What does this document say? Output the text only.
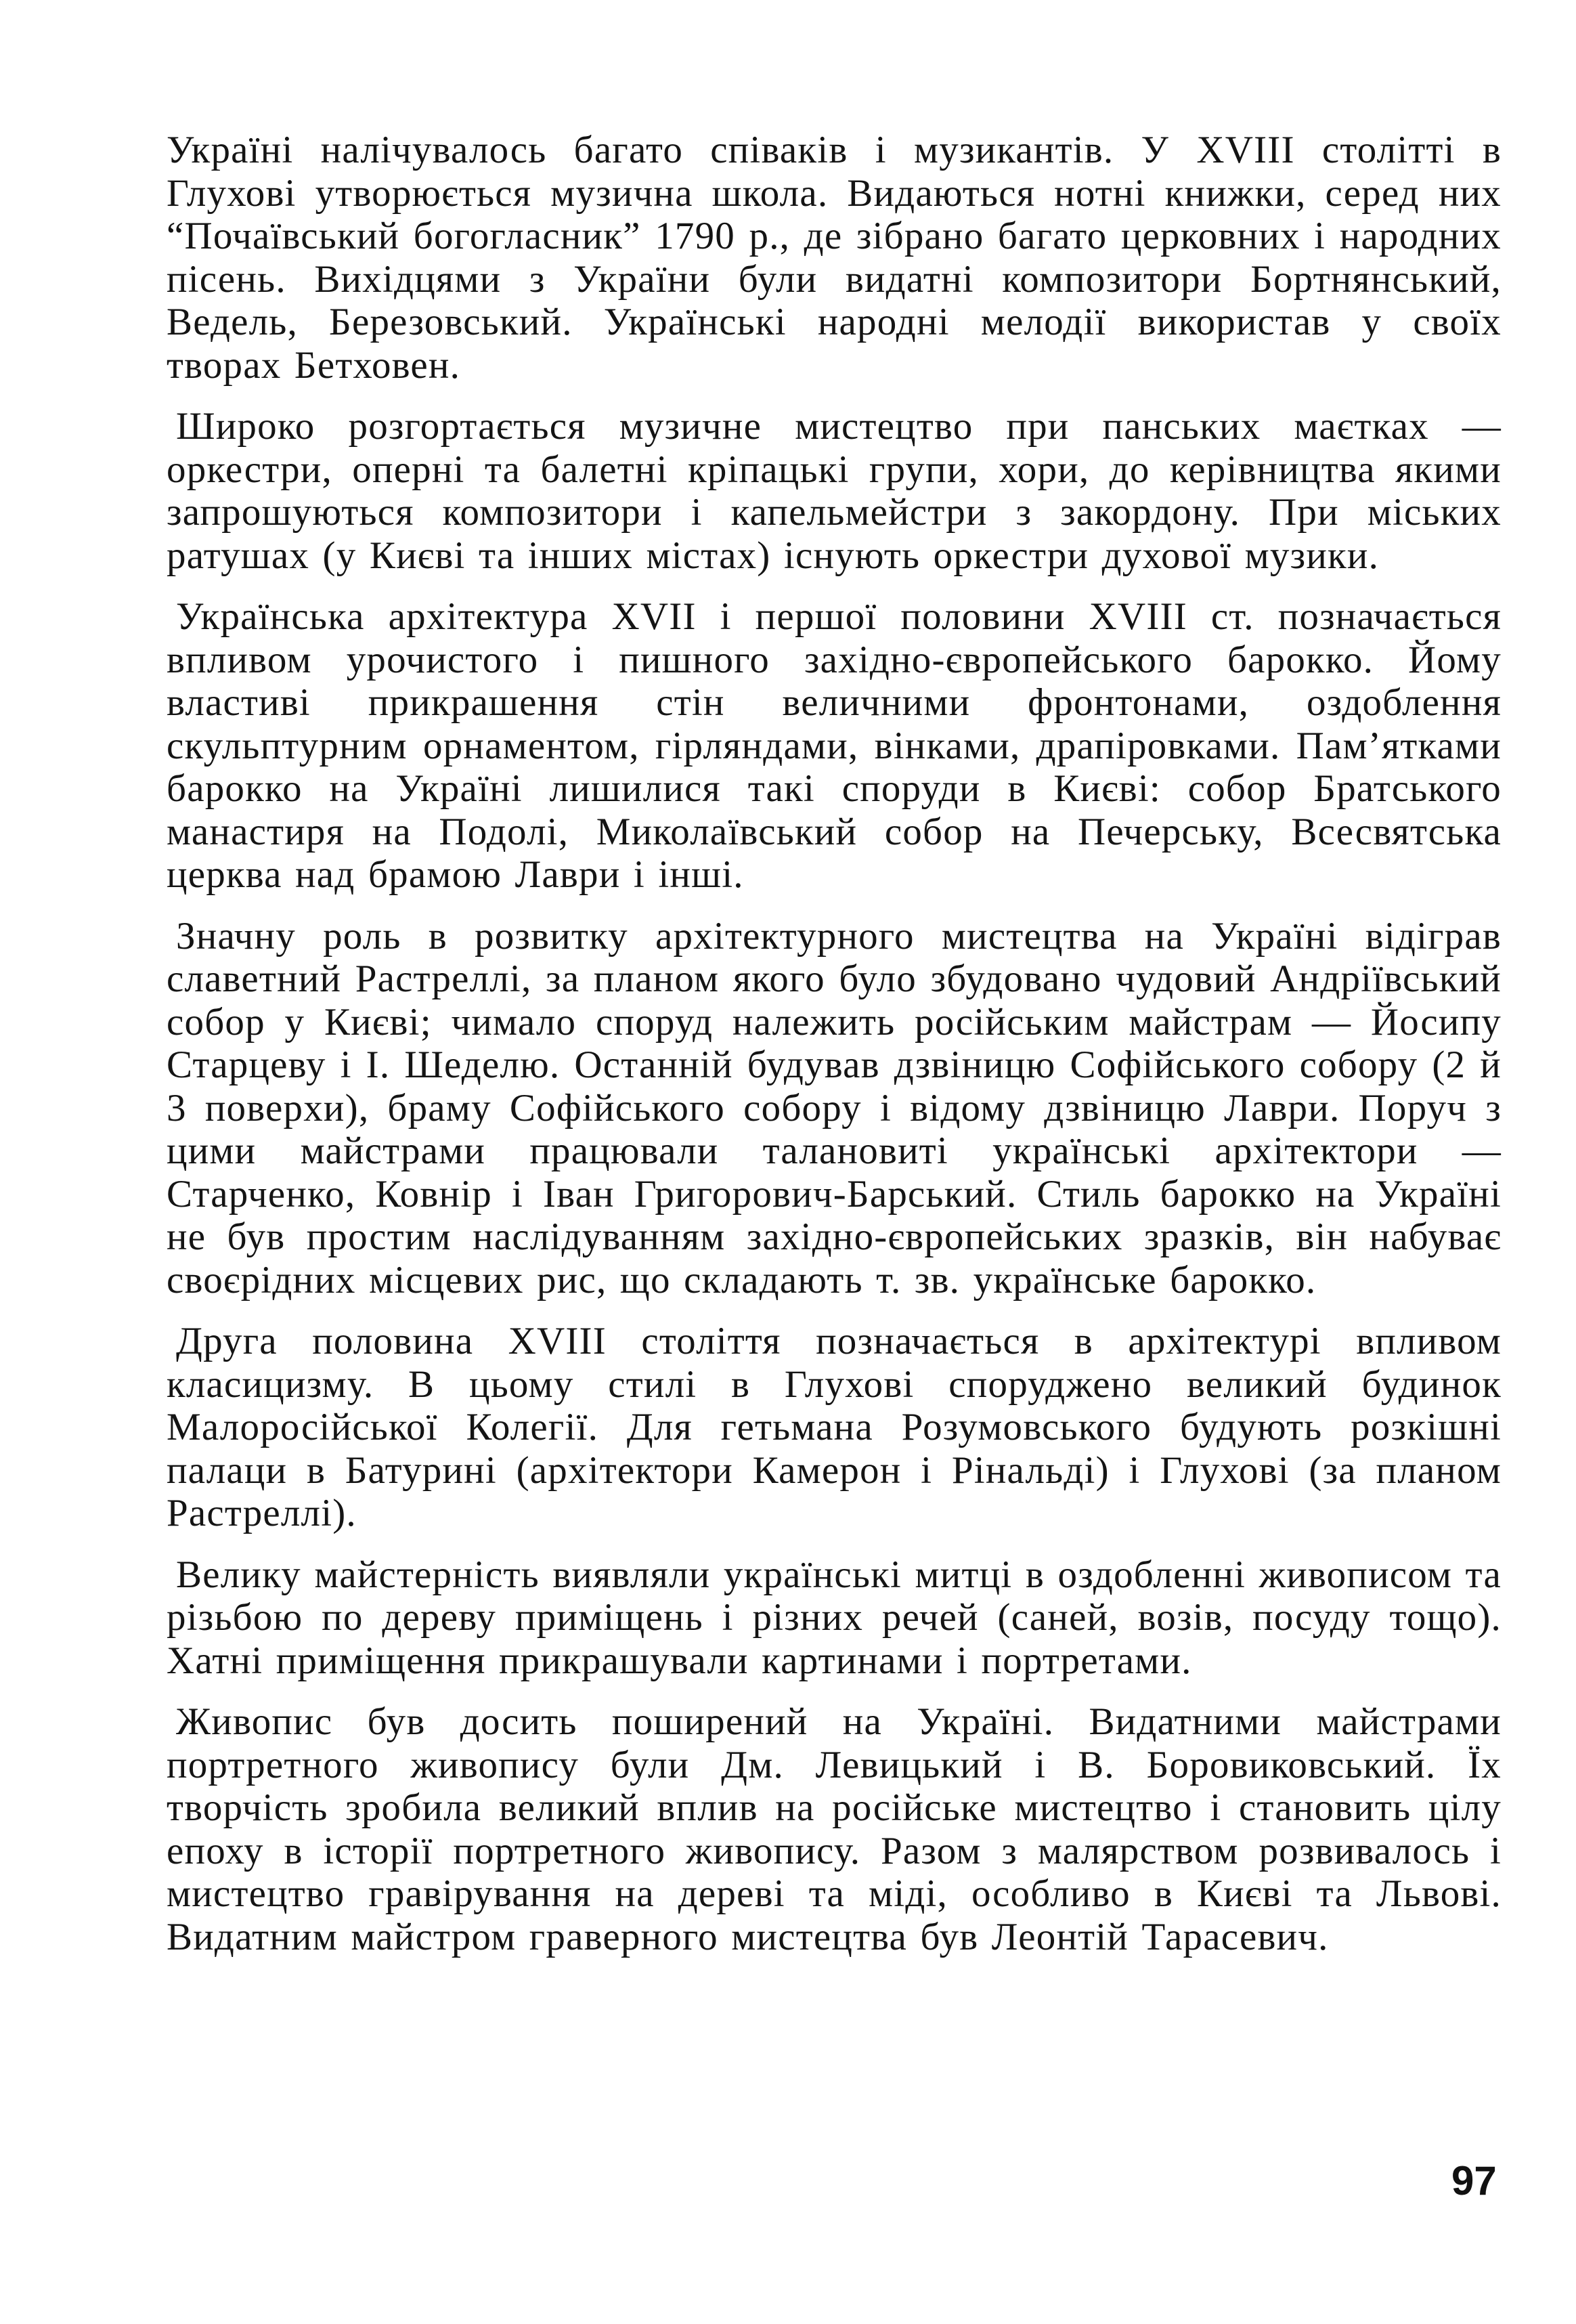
Україні налічувалось багато співаків і музикантів. У XVIII столітті в Глухові утворюється музична школа. Видаються нотні книжки, серед них “Почаївський богогласник” 1790 р., де зібрано багато церковних і народних пісень. Вихідцями з України були видатні композитори Бортнянський, Ведель, Березовський. Українські народні мелодії використав у своїх творах Бетховен.

Широко розгортається музичне мистецтво при панських маєтках — оркестри, оперні та балетні кріпацькі групи, хори, до керівництва якими запрошуються композитори і капельмейстри з закордону. При міських ратушах (у Києві та інших містах) існують оркестри духової музики.

Українська архітектура XVII і першої половини XVIII ст. позначається впливом урочистого і пишного західно-європейського барокко. Йому властиві прикрашення стін величними фронтонами, оздоблення скульптурним орнаментом, гірляндами, вінками, драпіровками. Пам’ятками барокко на Україні лишилися такі споруди в Києві: собор Братського манастиря на Подолі, Миколаївський собор на Печерську, Всесвятська церква над брамою Лаври і інші.

Значну роль в розвитку архітектурного мистецтва на Україні відіграв славетний Растреллі, за планом якого було збудовано чудовий Андріївський собор у Києві; чимало споруд належить російським майстрам — Йосипу Старцеву і І. Шеделю. Останній будував дзвіницю Софійського собору (2 й 3 поверхи), браму Софійського собору і відому дзвіницю Лаври. Поруч з цими майстрами працювали талановиті українські архітектори — Старченко, Ковнір і Іван Григорович-Барський. Стиль барокко на Україні не був простим наслідуванням західно-європейських зразків, він набуває своєрідних місцевих рис, що складають т. зв. українське барокко.

Друга половина XVIII століття позначається в архітектурі впливом класицизму. В цьому стилі в Глухові споруджено великий будинок Малоросійської Колегії. Для гетьмана Розумовського будують розкішні палаци в Батурині (архітектори Камерон і Рінальді) і Глухові (за планом Растреллі).

Велику майстерність виявляли українські митці в оздобленні живописом та різьбою по дереву приміщень і різних речей (саней, возів, посуду тощо). Хатні приміщення прикрашували картинами і портретами.

Живопис був досить поширений на Україні. Видатними майстрами портретного живопису були Дм. Левицький і В. Боровиковський. Їх творчість зробила великий вплив на російське мистецтво і становить цілу епоху в історії портретного живопису. Разом з малярством розвивалось і мистецтво гравірування на дереві та міді, особливо в Києві та Львові. Видатним майстром граверного мистецтва був Леонтій Тарасевич.

97
